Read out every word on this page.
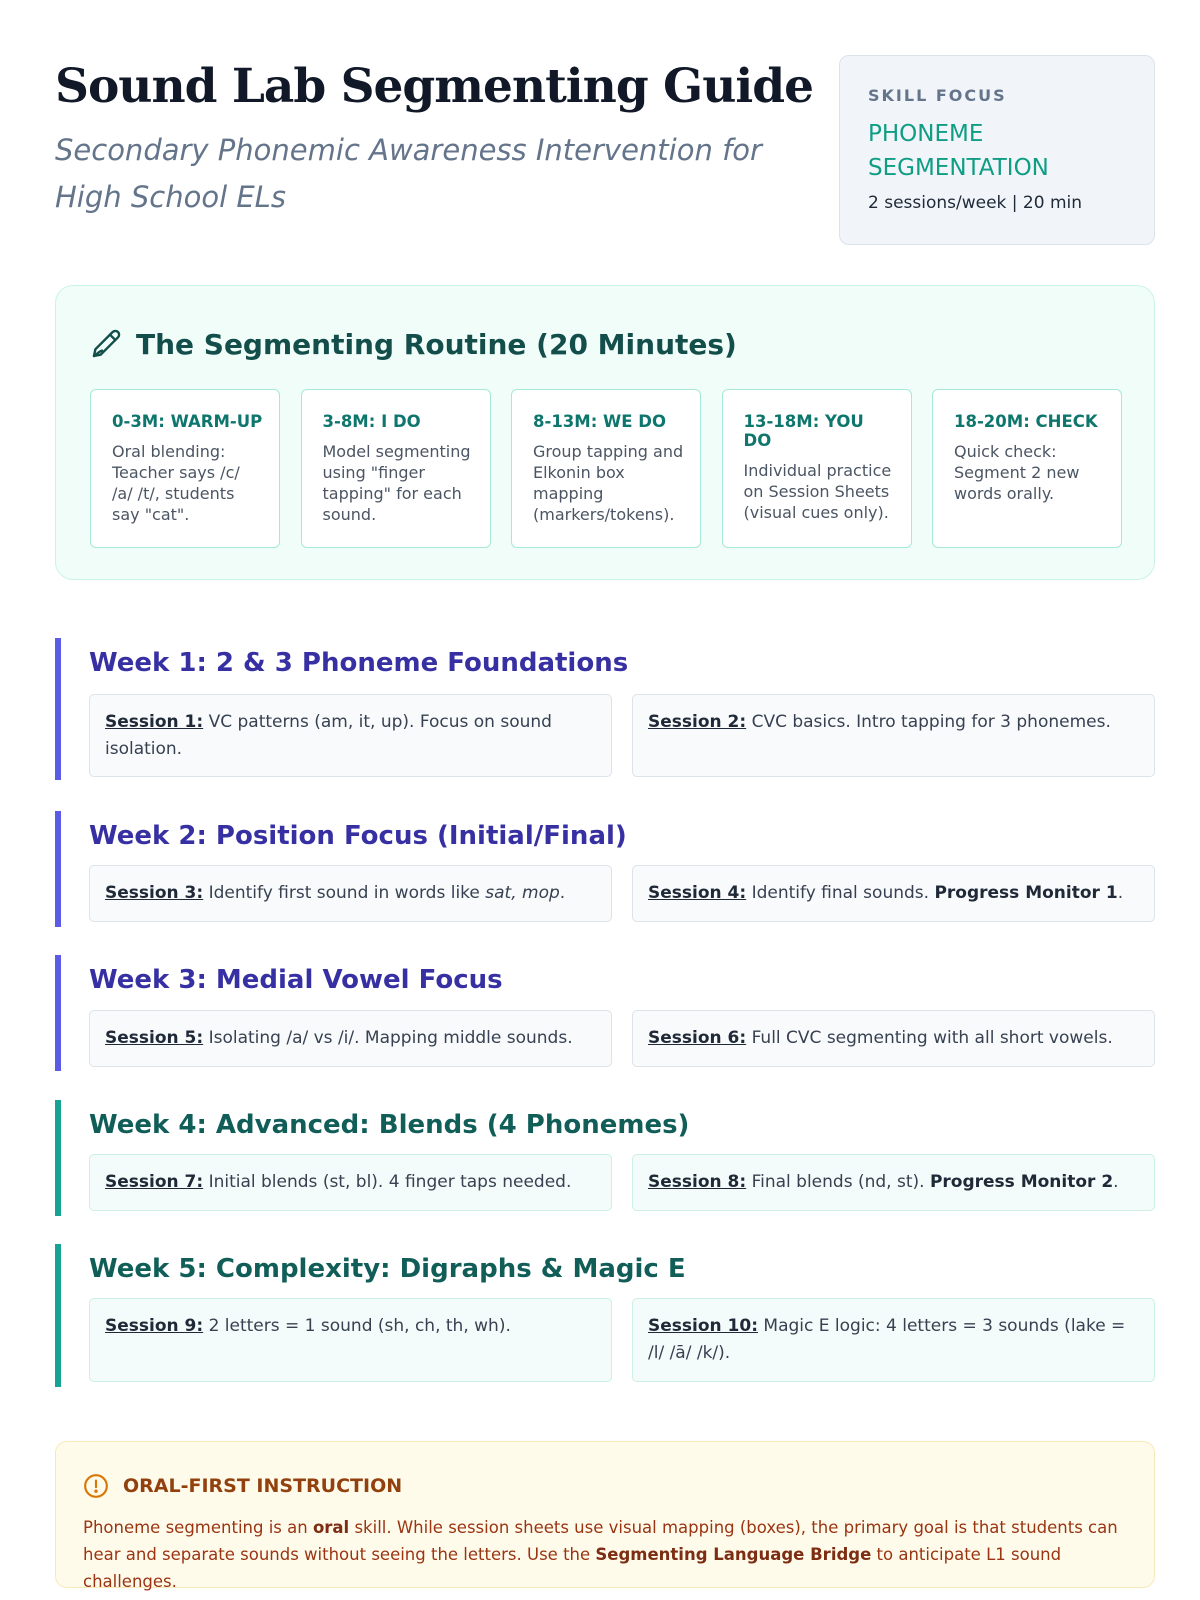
Sound Lab Segmenting Guide
Secondary Phonemic Awareness Intervention for High School ELs
SKILL FOCUS
PHONEME
SEGMENTATION
2 sessions/week | 20 min
The Segmenting Routine (20 Minutes)
0-3M: WARM-UP
Oral blending: Teacher says /c/ /a/ /t/, students say "cat".
3-8M: I DO
Model segmenting using "finger tapping" for each sound.
8-13M: WE DO
Group tapping and Elkonin box mapping (markers/tokens).
13-18M: YOU DO
Individual practice on Session Sheets (visual cues only).
18-20M: CHECK
Quick check: Segment 2 new words orally.
Week 1: 2 & 3 Phoneme Foundations
Session 1: VC patterns (am, it, up). Focus on sound isolation.
Session 2: CVC basics. Intro tapping for 3 phonemes.
Week 2: Position Focus (Initial/Final)
Session 3: Identify first sound in words like sat, mop.	Session 4: Identify final sounds. Progress Monitor 1.
Week 3: Medial Vowel Focus
Session 5: Isolating /a/ vs /i/. Mapping middle sounds.	Session 6: Full CVC segmenting with all short vowels.
Week 4: Advanced: Blends (4 Phonemes)
Session 7: Initial blends (st, bl). 4 finger taps needed.	Session 8: Final blends (nd, st). Progress Monitor 2.
Week 5: Complexity: Digraphs & Magic E
Session 9: 2 letters = 1 sound (sh, ch, th, wh).	Session 10: Magic E logic: 4 letters = 3 sounds (lake = /l/ /ā/ /k/).
ORAL-FIRST INSTRUCTION

Phoneme segmenting is an oral skill. While session sheets use visual mapping (boxes), the primary goal is that students can hear and separate sounds without seeing the letters. Use the Segmenting Language Bridge to anticipate L1 sound challenges.
